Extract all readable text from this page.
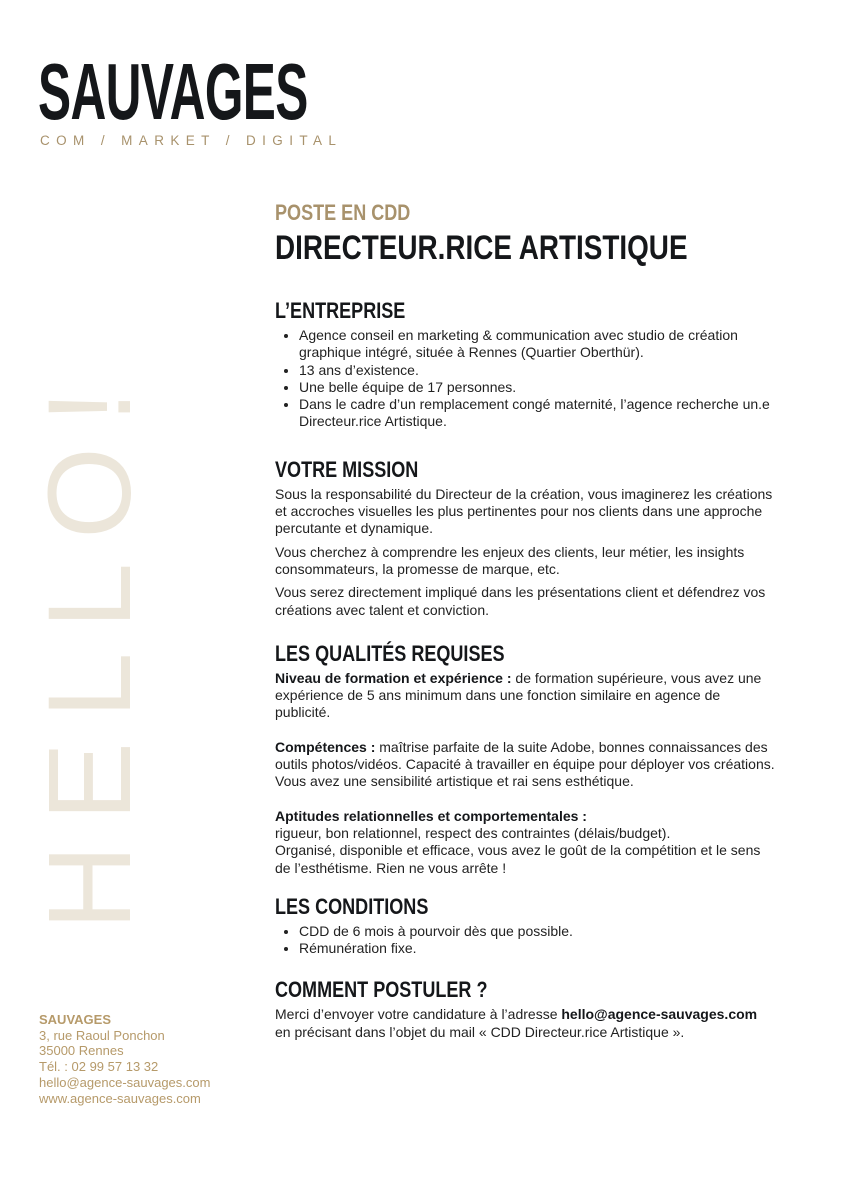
SAUVAGES
COM / MARKET / DIGITAL
HELLO!
SAUVAGES
3, rue Raoul Ponchon
35000 Rennes
Tél. : 02 99 57 13 32
hello@agence-sauvages.com
www.agence-sauvages.com
POSTE EN CDD
DIRECTEUR.RICE ARTISTIQUE
L’ENTREPRISE
• Agence conseil en marketing & communication avec studio de création graphique intégré, située à Rennes (Quartier Oberthür).
• 13 ans d’existence.
• Une belle équipe de 17 personnes.
• Dans le cadre d’un remplacement congé maternité, l’agence recherche un.e Directeur.rice Artistique.
VOTRE MISSION

Sous la responsabilité du Directeur de la création, vous imaginerez les créations et accroches visuelles les plus pertinentes pour nos clients dans une approche percutante et dynamique.

Vous cherchez à comprendre les enjeux des clients, leur métier, les insights consommateurs, la promesse de marque, etc.

Vous serez directement impliqué dans les présentations client et défendrez vos créations avec talent et conviction.

LES QUALITÉS REQUISES
Niveau de formation et expérience : de formation supérieure, vous avez une expérience de 5 ans minimum dans une fonction similaire en agence de publicité.
Compétences : maîtrise parfaite de la suite Adobe, bonnes connaissances des outils photos/vidéos. Capacité à travailler en équipe pour déployer vos créations. Vous avez une sensibilité artistique et rai sens esthétique.
Aptitudes relationnelles et comportementales :
rigueur, bon relationnel, respect des contraintes (délais/budget).
Organisé, disponible et efficace, vous avez le goût de la compétition et le sens de l’esthétisme. Rien ne vous arrête !
LES CONDITIONS
• CDD de 6 mois à pourvoir dès que possible.
• Rémunération fixe.
COMMENT POSTULER ?
Merci d’envoyer votre candidature à l’adresse hello@agence-sauvages.com
en précisant dans l’objet du mail « CDD Directeur.rice Artistique ».
